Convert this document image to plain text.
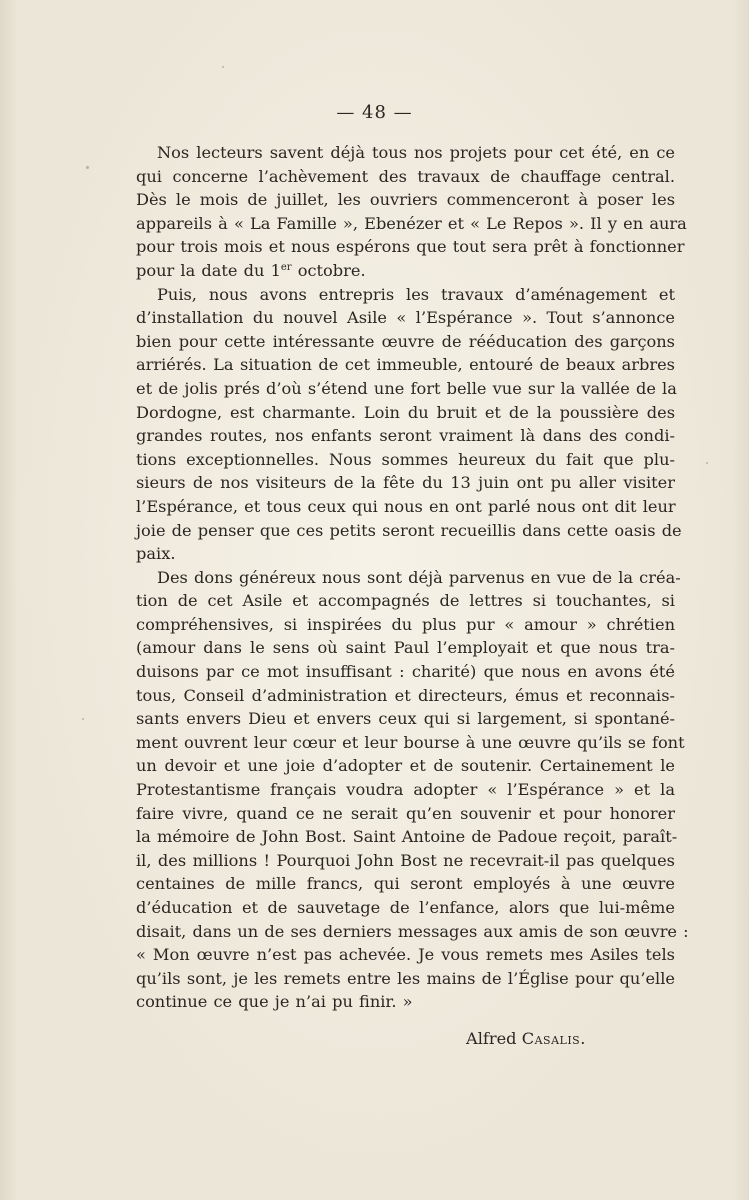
— 48 —
Nos lecteurs savent déjà tous nos projets pour cet été, en ce
qui concerne l’achèvement des travaux de chauffage central.
Dès le mois de juillet, les ouvriers commenceront à poser les
appareils à « La Famille », Ebenézer et « Le Repos ». Il y en aura
pour trois mois et nous espérons que tout sera prêt à fonctionner
pour la date du 1er octobre.
Puis, nous avons entrepris les travaux d’aménagement et
d’installation du nouvel Asile « l’Espérance ». Tout s’annonce
bien pour cette intéressante œuvre de rééducation des garçons
arriérés. La situation de cet immeuble, entouré de beaux arbres
et de jolis prés d’où s’étend une fort belle vue sur la vallée de la
Dordogne, est charmante. Loin du bruit et de la poussière des
grandes routes, nos enfants seront vraiment là dans des condi-
tions exceptionnelles. Nous sommes heureux du fait que plu-
sieurs de nos visiteurs de la fête du 13 juin ont pu aller visiter
l’Espérance, et tous ceux qui nous en ont parlé nous ont dit leur
joie de penser que ces petits seront recueillis dans cette oasis de
paix.
Des dons généreux nous sont déjà parvenus en vue de la créa-
tion de cet Asile et accompagnés de lettres si touchantes, si
compréhensives, si inspirées du plus pur « amour » chrétien
(amour dans le sens où saint Paul l’employait et que nous tra-
duisons par ce mot insuffisant : charité) que nous en avons été
tous, Conseil d’administration et directeurs, émus et reconnais-
sants envers Dieu et envers ceux qui si largement, si spontané-
ment ouvrent leur cœur et leur bourse à une œuvre qu’ils se font
un devoir et une joie d’adopter et de soutenir. Certainement le
Protestantisme français voudra adopter « l’Espérance » et la
faire vivre, quand ce ne serait qu’en souvenir et pour honorer
la mémoire de John Bost. Saint Antoine de Padoue reçoit, paraît-
il, des millions ! Pourquoi John Bost ne recevrait-il pas quelques
centaines de mille francs, qui seront employés à une œuvre
d’éducation et de sauvetage de l’enfance, alors que lui-même
disait, dans un de ses derniers messages aux amis de son œuvre :
« Mon œuvre n’est pas achevée. Je vous remets mes Asiles tels
qu’ils sont, je les remets entre les mains de l’Église pour qu’elle
continue ce que je n’ai pu finir. »
Alfred Casalis.
